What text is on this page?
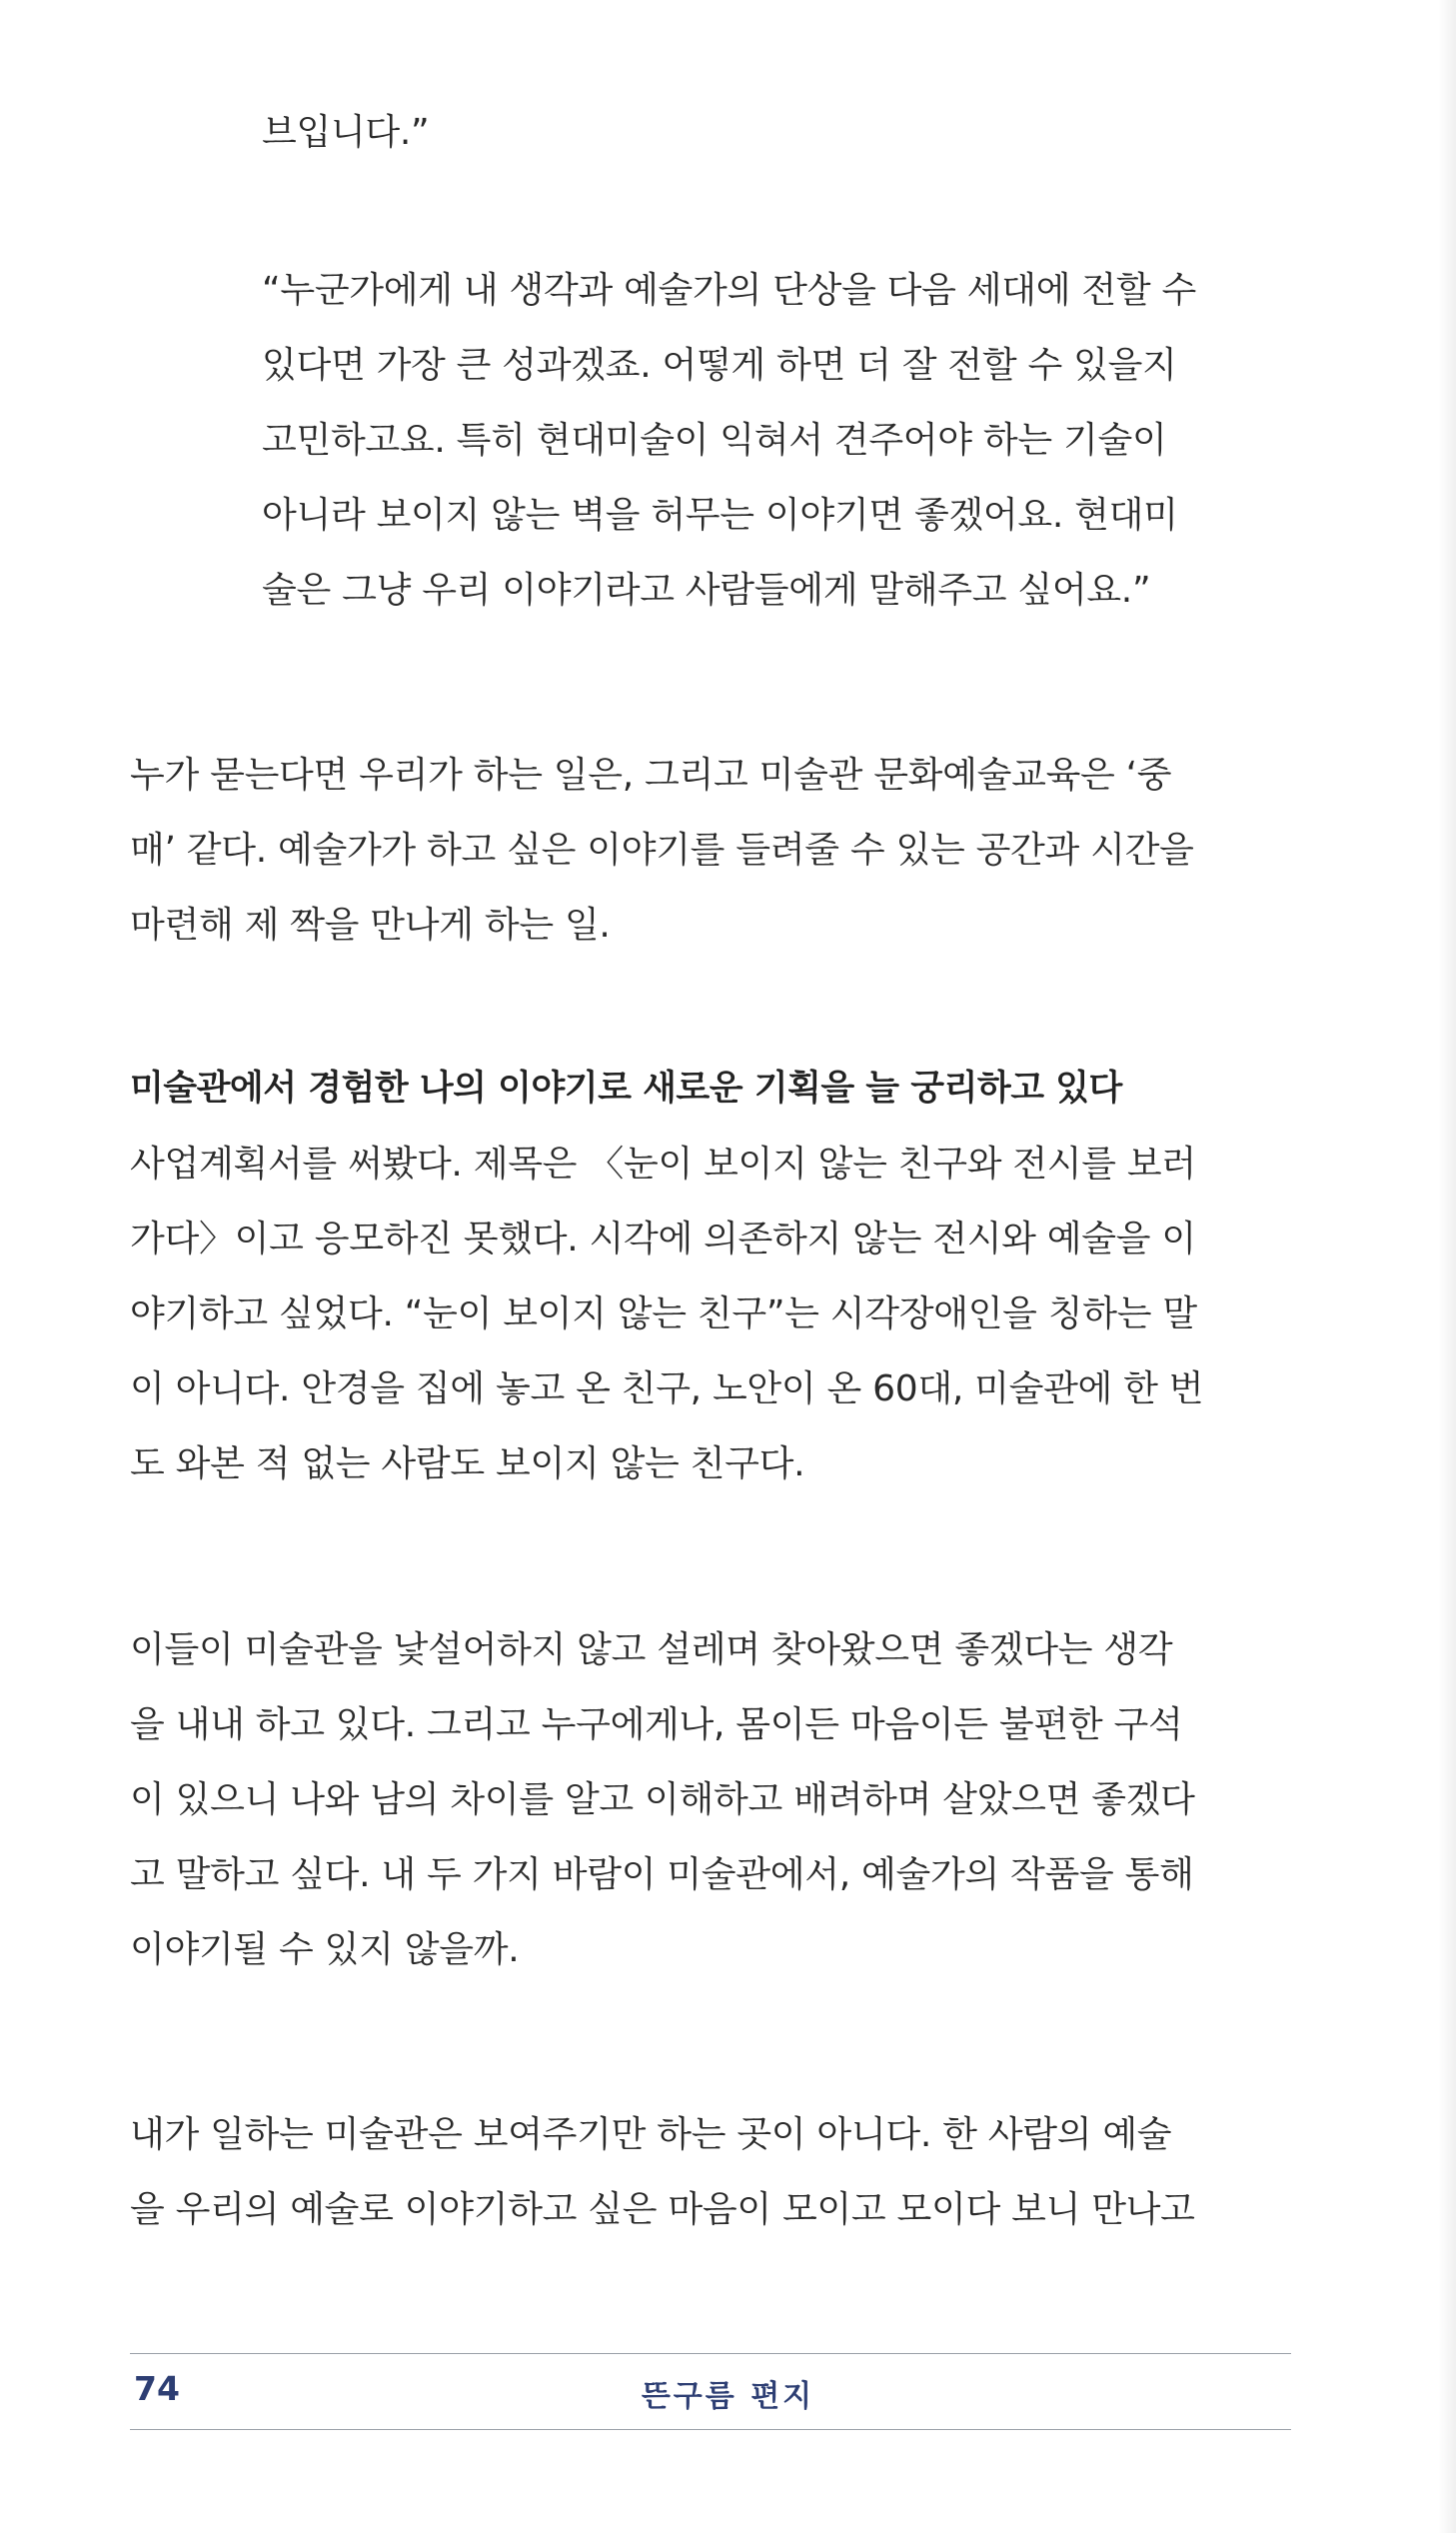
브입니다.”
“누군가에게 내 생각과 예술가의 단상을 다음 세대에 전할 수
있다면 가장 큰 성과겠죠. 어떻게 하면 더 잘 전할 수 있을지
고민하고요. 특히 현대미술이 익혀서 견주어야 하는 기술이
아니라 보이지 않는 벽을 허무는 이야기면 좋겠어요. 현대미
술은 그냥 우리 이야기라고 사람들에게 말해주고 싶어요.”
누가 묻는다면 우리가 하는 일은, 그리고 미술관 문화예술교육은 ‘중
매’ 같다. 예술가가 하고 싶은 이야기를 들려줄 수 있는 공간과 시간을
마련해 제 짝을 만나게 하는 일.
미술관에서 경험한 나의 이야기로 새로운 기획을 늘 궁리하고 있다
사업계획서를 써봤다. 제목은 〈눈이 보이지 않는 친구와 전시를 보러
가다〉이고 응모하진 못했다. 시각에 의존하지 않는 전시와 예술을 이
야기하고 싶었다. “눈이 보이지 않는 친구”는 시각장애인을 칭하는 말
이 아니다. 안경을 집에 놓고 온 친구, 노안이 온 60대, 미술관에 한 번
도 와본 적 없는 사람도 보이지 않는 친구다.
이들이 미술관을 낯설어하지 않고 설레며 찾아왔으면 좋겠다는 생각
을 내내 하고 있다. 그리고 누구에게나, 몸이든 마음이든 불편한 구석
이 있으니 나와 남의 차이를 알고 이해하고 배려하며 살았으면 좋겠다
고 말하고 싶다. 내 두 가지 바람이 미술관에서, 예술가의 작품을 통해
이야기될 수 있지 않을까.
내가 일하는 미술관은 보여주기만 하는 곳이 아니다. 한 사람의 예술
을 우리의 예술로 이야기하고 싶은 마음이 모이고 모이다 보니 만나고
74	뜬구름 편지
